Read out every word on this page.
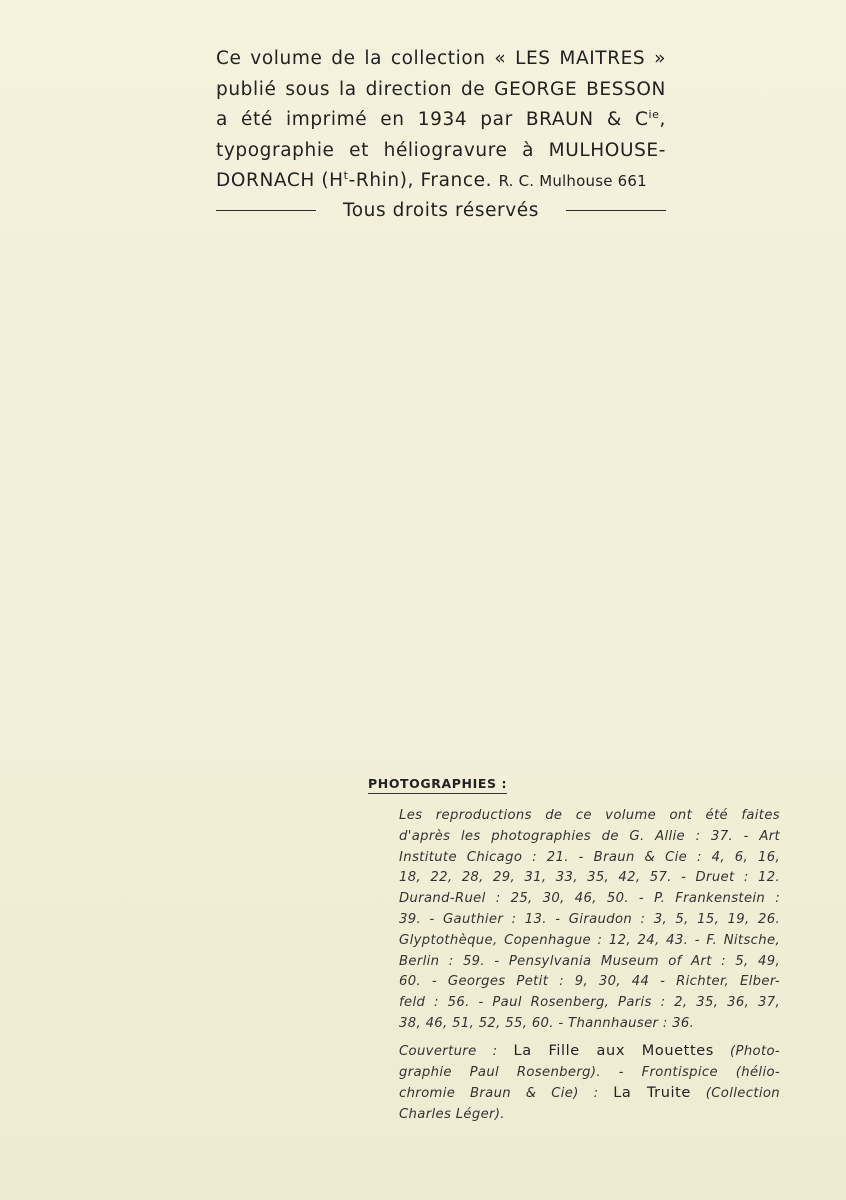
Ce volume de la collection « LES MAITRES »
publié sous la direction de GEORGE BESSON
a été imprimé en 1934 par BRAUN & $C^{ie}$,
typographie et héliogravure à MULHOUSE-
DORNACH $(H^t-Rhin)$, France. R. C. Mulhouse 661
Tous droits réservés
PHOTOGRAPHIES :
Les reproductions de ce volume ont été faites
d'après les photographies de G. Allie : 37. - Art
Institute Chicago : 21. - Braun & Cie : 4, 6, 16,
18, 22, 28, 29, 31, 33, 35, 42, 57. - Druet : 12.
Durand-Ruel : 25, 30, 46, 50. - P. Frankenstein :
39. - Gauthier : 13. - Giraudon : 3, 5, 15, 19, 26.
Glyptothèque, Copenhague : 12, 24, 43. - F. Nitsche,
Berlin : 59. - Pensylvania Museum of Art : 5, 49,
60. - Georges Petit : 9, 30, 44 - Richter, Elber-
feld : 56. - Paul Rosenberg, Paris : 2, 35, 36, 37,
38, 46, 51, 52, 55, 60. - Thannhauser : 36.
Couverture : La Fille aux Mouettes (Photo-
graphie Paul Rosenberg). - Frontispice (hélio-
chromie Braun & Cie) : La Truite (Collection
Charles Léger).
